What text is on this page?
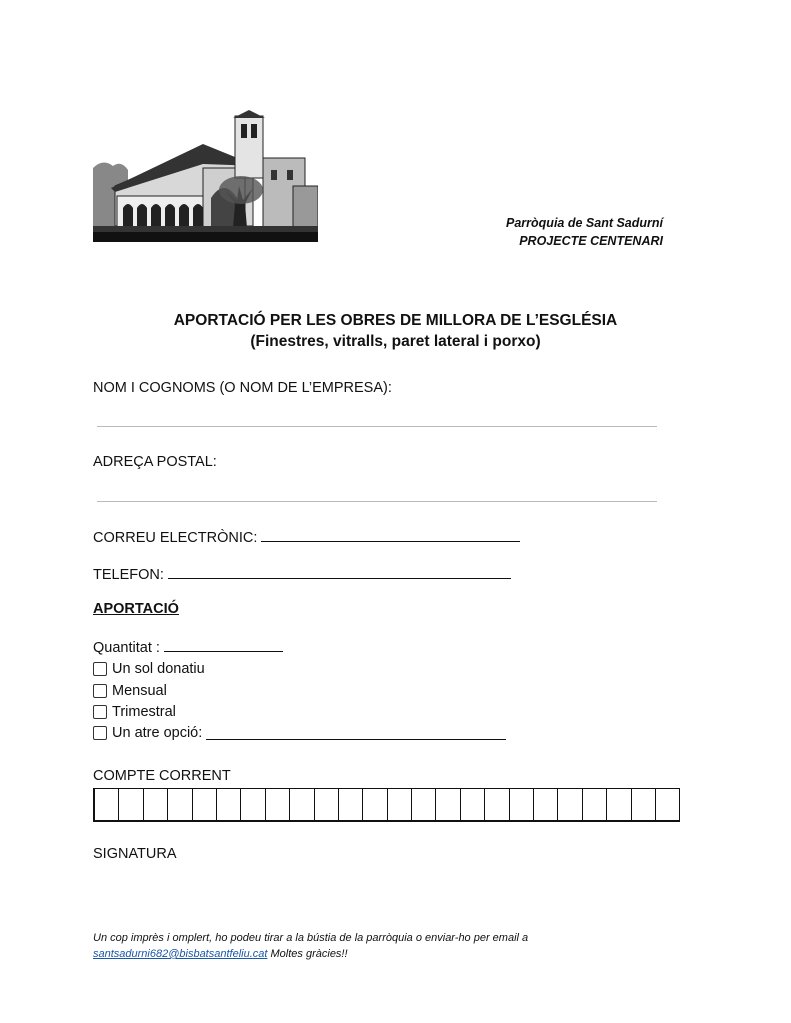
Parròquia de Sant Sadurní
PROJECTE CENTENARI
APORTACIÓ PER LES OBRES DE MILLORA DE L’ESGLÉSIA
(Finestres, vitralls, paret lateral i porxo)
NOM I COGNOMS (O NOM DE L’EMPRESA):
ADREÇA POSTAL:
CORREU ELECTRÒNIC:
TELEFON:
APORTACIÓ
Quantitat :
Un sol donatiu
Mensual
Trimestral
Un atre opció:
COMPTE CORRENT
SIGNATURA
Un cop imprès i omplert, ho podeu tirar a la bústia de la parròquia o enviar-ho per email a
santsadurni682@bisbatsantfeliu.cat Moltes gràcies!!
